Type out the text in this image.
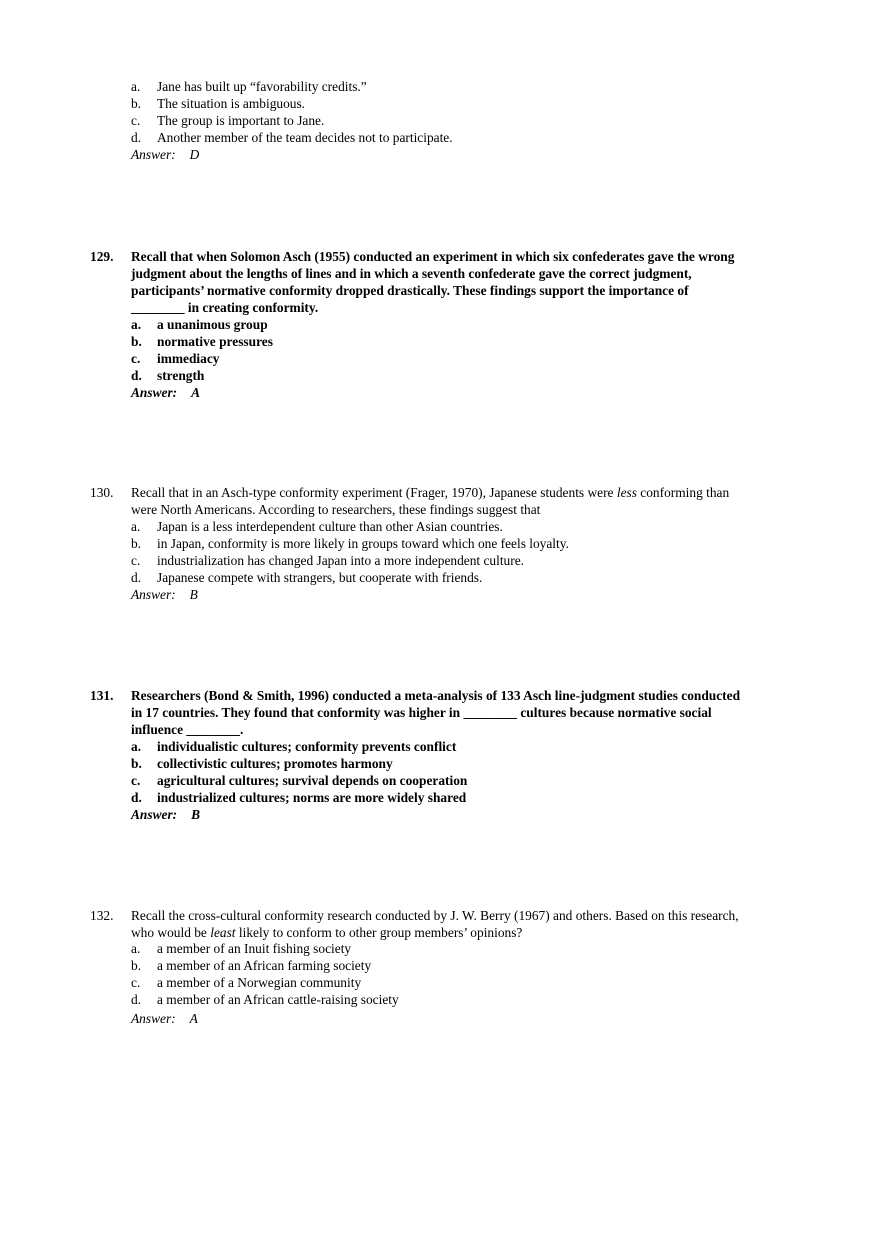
a.	Jane has built up “favorability credits.”
b.	The situation is ambiguous.
c.	The group is important to Jane.
d.	Another member of the team decides not to participate.
Answer: D
129. Recall that when Solomon Asch (1955) conducted an experiment in which six confederates gave the wrong
judgment about the lengths of lines and in which a seventh confederate gave the correct judgment,
participants’ normative conformity dropped drastically. These findings support the importance of
________ in creating conformity.
a.	a unanimous group
b.	normative pressures
c.	immediacy
d.	strength
Answer: A
130. Recall that in an Asch-type conformity experiment (Frager, 1970), Japanese students were less conforming than
were North Americans. According to researchers, these findings suggest that
a.	Japan is a less interdependent culture than other Asian countries.
b.	in Japan, conformity is more likely in groups toward which one feels loyalty.
c.	industrialization has changed Japan into a more independent culture.
d.	Japanese compete with strangers, but cooperate with friends.
Answer: B
131. Researchers (Bond & Smith, 1996) conducted a meta-analysis of 133 Asch line-judgment studies conducted
in 17 countries. They found that conformity was higher in ________ cultures because normative social
influence ________.
a.	individualistic cultures; conformity prevents conflict
b.	collectivistic cultures; promotes harmony
c.	agricultural cultures; survival depends on cooperation
d.	industrialized cultures; norms are more widely shared
Answer: B
132. Recall the cross-cultural conformity research conducted by J. W. Berry (1967) and others. Based on this research,
who would be least likely to conform to other group members’ opinions?
a.	a member of an Inuit fishing society
b.	a member of an African farming society
c.	a member of a Norwegian community
d.	a member of an African cattle-raising society
Answer: A
